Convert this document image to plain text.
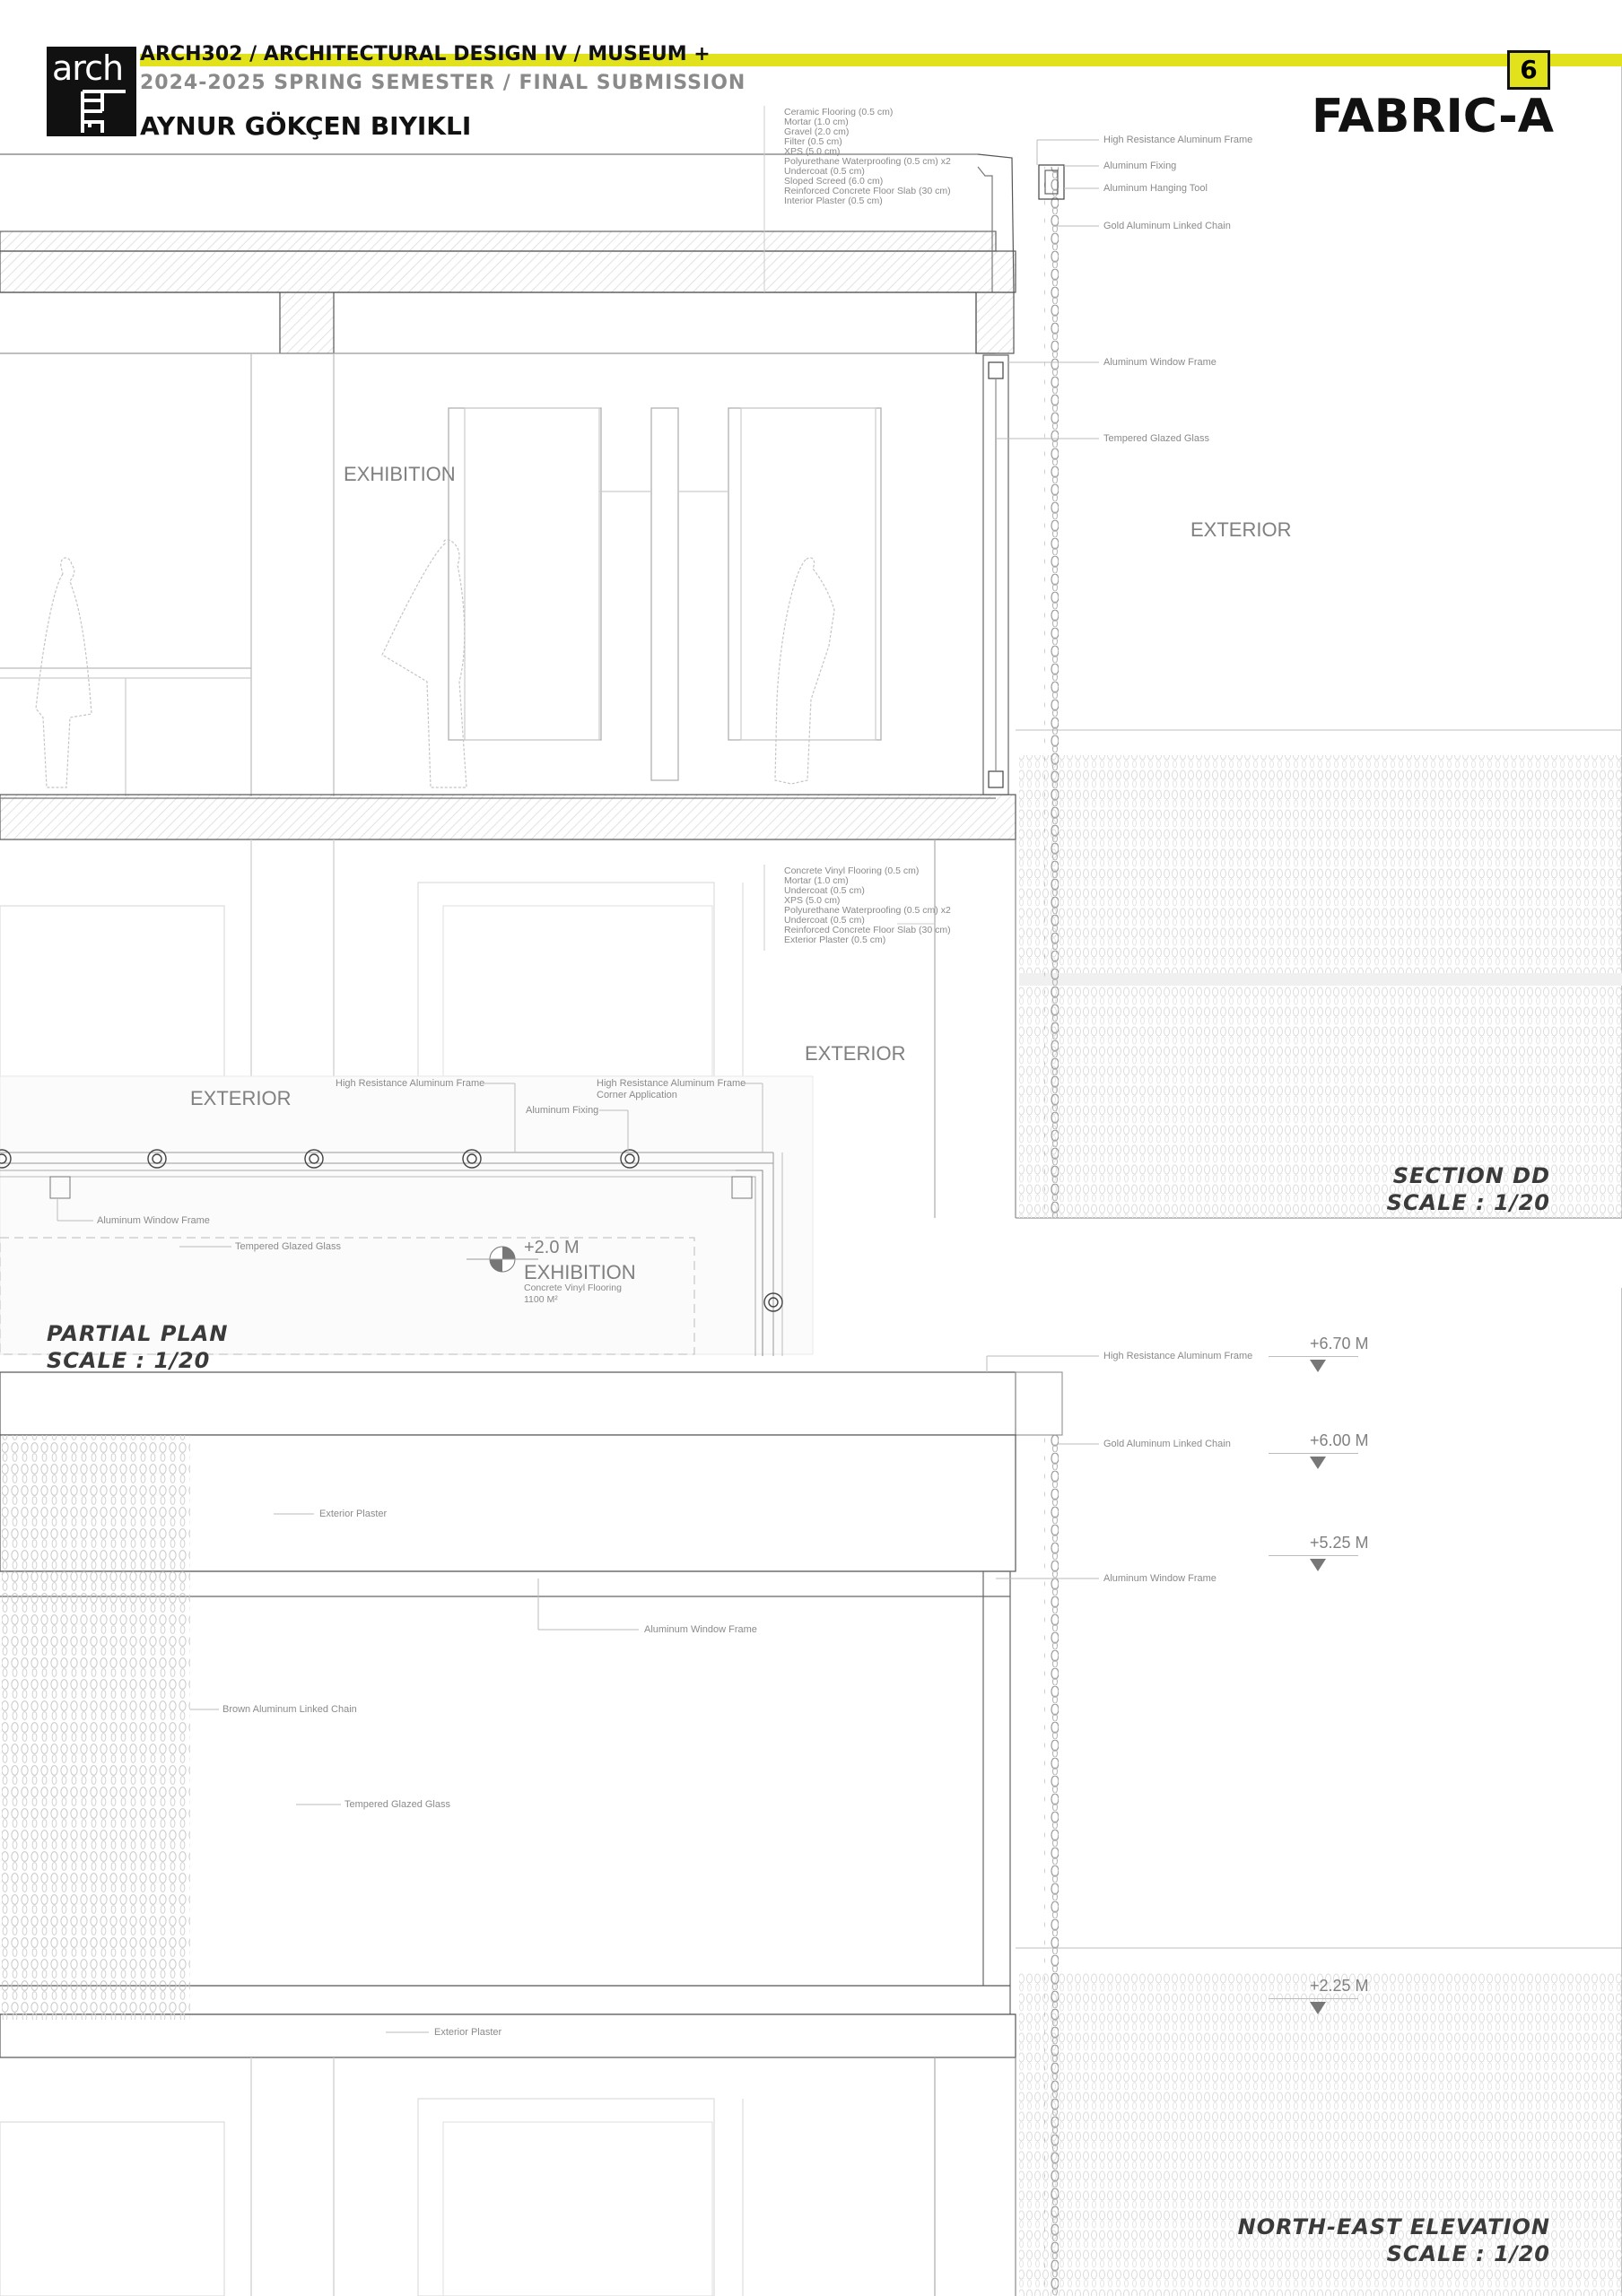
arch ARCH302 / ARCHITECTURAL DESIGN IV / MUSEUM +
2024-2025 SPRING SEMESTER / FINAL SUBMISSION
AYNUR GÖKÇEN BIYIKLI
6
FABRIC-A
Ceramic Flooring (0.5 cm)
Mortar (1.0 cm)
Gravel (2.0 cm)
Filter (0.5 cm)
XPS (5.0 cm)
Polyurethane Waterproofing (0.5 cm) x2
Undercoat (0.5 cm)
Sloped Screed (6.0 cm)
Reinforced Concrete Floor Slab (30 cm)
Interior Plaster (0.5 cm)
High Resistance Aluminum Frame
Aluminum Fixing
Aluminum Hanging Tool
Gold Aluminum Linked Chain
Aluminum Window Frame
Tempered Glazed Glass
EXHIBITION
EXTERIOR
EXTERIOR
Concrete Vinyl Flooring (0.5 cm)
Mortar (1.0 cm)
Undercoat (0.5 cm)
XPS (5.0 cm)
Polyurethane Waterproofing (0.5 cm) x2
Undercoat (0.5 cm)
Reinforced Concrete Floor Slab (30 cm)
Exterior Plaster (0.5 cm)
SECTION DD
SCALE : 1/20
EXTERIOR
High Resistance Aluminum Frame	High Resistance Aluminum Frame
Corner Application
Aluminum Fixing
Aluminum Window Frame
Tempered Glazed Glass	+2.0 M
EXHIBITION
Concrete Vinyl Flooring
1100 M²
PARTIAL PLAN
SCALE : 1/20	High Resistance Aluminum Frame
Gold Aluminum Linked Chain
Aluminum Window Frame
Exterior Plaster
Aluminum Window Frame
Brown Aluminum Linked Chain
Tempered Glazed Glass
Exterior Plaster
+6.70 M
+6.00 M
+5.25 M
+2.25 M
NORTH-EAST ELEVATION
SCALE : 1/20
